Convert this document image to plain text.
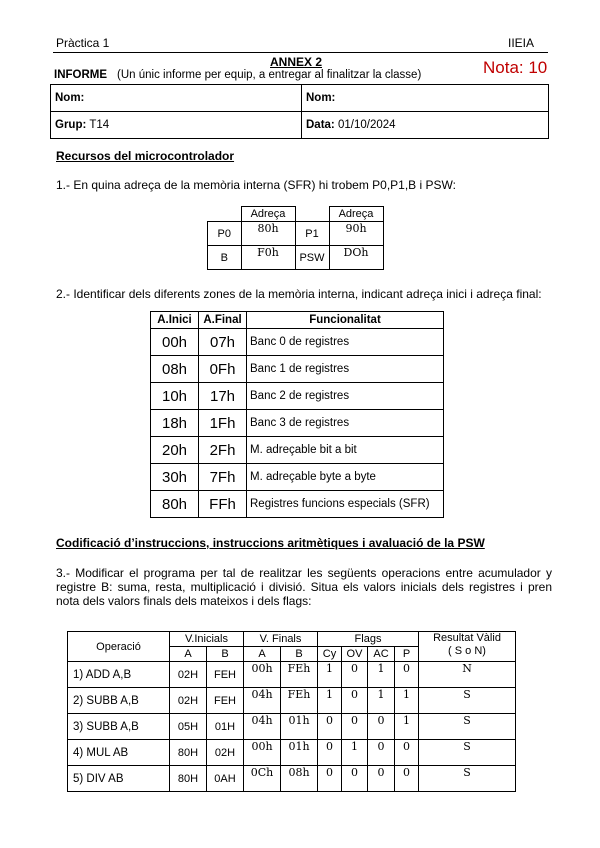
Pràctica 1	IIEIA
ANNEX 2	Nota: 10
INFORME (Un únic informe per equip, a entregar al finalitzar la classe)
Nom:	Nom:
Grup: T14	Data: 01/10/2024
Recursos del microcontrolador
1.- En quina adreça de la memòria interna (SFR) hi trobem P0,P1,B i PSW:
	Adreça		Adreça
P0	80h	P1	90h
B	F0h	PSW	DOh
2.- Identificar dels diferents zones de la memòria interna, indicant adreça inici i adreça final:
A.Inici	A.Final	Funcionalitat
00h	07h	Banc 0 de registres
08h	0Fh	Banc 1 de registres
10h	17h	Banc 2 de registres
18h	1Fh	Banc 3 de registres
20h	2Fh	M. adreçable bit a bit
30h	7Fh	M. adreçable byte a byte
80h	FFh	Registres funcions especials (SFR)
Codificació d’instruccions, instruccions aritmètiques i avaluació de la PSW
3.- Modificar el programa per tal de realitzar les següents operacions entre acumulador y
registre B: suma, resta, multiplicació i divisió. Situa els valors inicials dels registres i pren
nota dels valors finals dels mateixos i dels flags:
Operació	V.Inicials		V. Finals		Flags				Resultat Vàlid
( S o N)

	A	B	A	B	Cy	OV	AC	P	
1) ADD A,B	02H	FEH	00h	FEh	1	0	1	0	N
2) SUBB A,B	02H	FEH	04h	FEh	1	0	1	1	S
3) SUBB A,B	05H	01H	04h	01h	0	0	0	1	S
4) MUL AB	80H	02H	00h	01h	0	1	0	0	S
5) DIV AB	80H	0AH	0Ch	08h	0	0	0	0	S
